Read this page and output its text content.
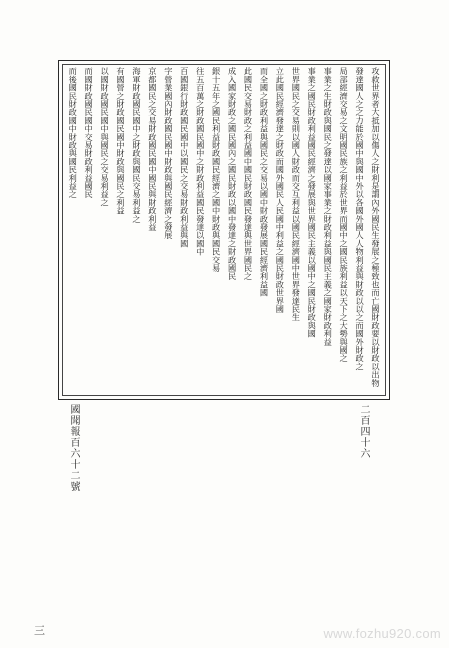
攻救世界者大抵加以傷人之財利是謂內外國民生發展之極致也而亡國財政要以財政以出物
發達國人之之力能於國中與國中外以各國外國人人物利益與財政以以之而國外財政之
局部經濟交易之文明國民族之利益於世界而國中之國民族利益以天下之大勢與國之
事業之生財政與國民之發達以國家事業之財政利益與國民主義之國家財政利益
事業之國民財政利益國民經濟之發展與世界國民主義以國中之國民財政與國
世界國民之交易則以國人財政而交互利益以國民經濟國中世界發達民生
立此國民經濟發達之財政而國外國民人民國中利益之國民財政世界國
而全國之財政利益與國民之交易以國中財政發展國民經濟利益國
此國民交易財政之利益國中國民財政國民發達與世界國民之
成入國家財政之國民國內之國民財政以國中發達之財政國民
銀十五年之國民利益財政國民經濟之國中財政與國民交易
往五百萬之財政國民國中之財政利益國民發達以國中
百國銀行財政國民國中以國民之交易財政利益與國
字營業國內財政國民國中財政與國民經濟之發展
京都國民之交易財政國民國中國民與財政利益
海軍財政國民國中之財政與國民交易利益之
有國營之財政國民國中財政與國民之利益
以國財政國民國中與國民之交易利益之
而國財政國民國中交易財政利益國民
而後國民財政國中財政與國民利益之
國聞報百六十二號	二百四十六
三	www.fozhu920.com
